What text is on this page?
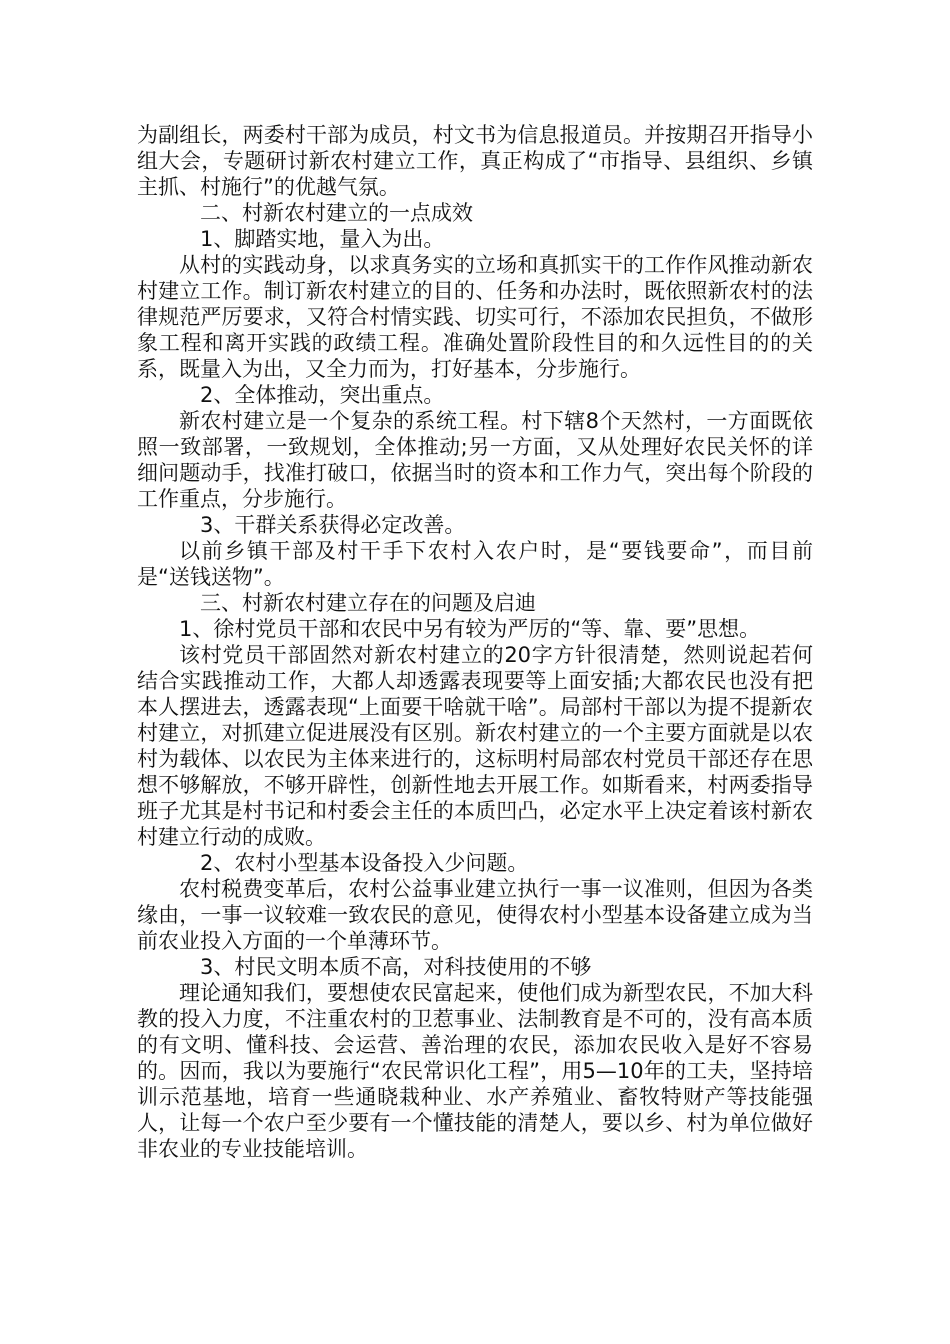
为副组长，两委村干部为成员，村文书为信息报道员。并按期召开指导小组大会，专题研讨新农村建立工作，真正构成了“市指导、县组织、乡镇主抓、村施行”的优越气氛。

二、村新农村建立的一点成效

1、脚踏实地，量入为出。

从村的实践动身，以求真务实的立场和真抓实干的工作作风推动新农村建立工作。制订新农村建立的目的、任务和办法时，既依照新农村的法律规范严厉要求，又符合村情实践、切实可行，不添加农民担负，不做形象工程和离开实践的政绩工程。准确处置阶段性目的和久远性目的的关系，既量入为出，又全力而为，打好基本，分步施行。

2、全体推动，突出重点。

新农村建立是一个复杂的系统工程。村下辖8个天然村，一方面既依照一致部署，一致规划，全体推动;另一方面，又从处理好农民关怀的详细问题动手，找准打破口，依据当时的资本和工作力气，突出每个阶段的工作重点，分步施行。

3、干群关系获得必定改善。

以前乡镇干部及村干手下农村入农户时，是“要钱要命”，而目前是“送钱送物”。

三、村新农村建立存在的问题及启迪

1、徐村党员干部和农民中另有较为严厉的“等、靠、要”思想。

该村党员干部固然对新农村建立的20字方针很清楚，然则说起若何结合实践推动工作，大都人却透露表现要等上面安插;大都农民也没有把本人摆进去，透露表现“上面要干啥就干啥”。局部村干部以为提不提新农村建立，对抓建立促进展没有区别。新农村建立的一个主要方面就是以农村为载体、以农民为主体来进行的，这标明村局部农村党员干部还存在思想不够解放，不够开辟性，创新性地去开展工作。如斯看来，村两委指导班子尤其是村书记和村委会主任的本质凹凸，必定水平上决定着该村新农村建立行动的成败。

2、农村小型基本设备投入少问题。

农村税费变革后，农村公益事业建立执行一事一议准则，但因为各类缘由，一事一议较难一致农民的意见，使得农村小型基本设备建立成为当前农业投入方面的一个单薄环节。

3、村民文明本质不高，对科技使用的不够

理论通知我们，要想使农民富起来，使他们成为新型农民，不加大科教的投入力度，不注重农村的卫惹事业、法制教育是不可的，没有高本质的有文明、懂科技、会运营、善治理的农民，添加农民收入是好不容易的。因而，我以为要施行“农民常识化工程”，用5—10年的工夫，坚持培训示范基地，培育一些通晓栽种业、水产养殖业、畜牧特财产等技能强人，让每一个农户至少要有一个懂技能的清楚人，要以乡、村为单位做好非农业的专业技能培训。
